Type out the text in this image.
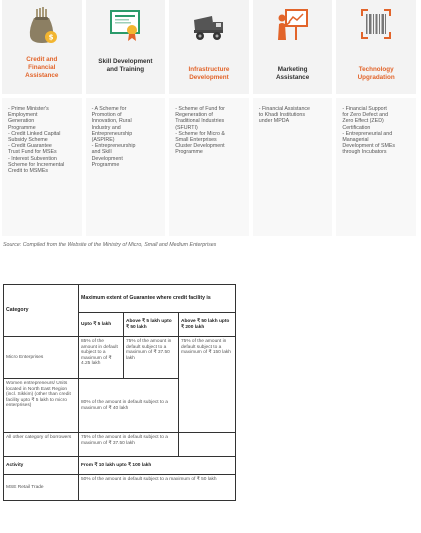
$
Credit and
Financial
Assistance
- Prime Minister's
Employment
Generation
Programme
- Credit Linked Capital
Subsidy Scheme
- Credit Guarantee
Trust Fund for MSEs
- Interest Subvention
Scheme for Incremental
Credit to MSMEs
Skill Development
and Training
- A Scheme for
Promotion of
Innovation, Rural
Industry and
Entrepreneurship
(ASPIRE)
- Entrepreneurship
and Skill
Development
Programme
Infrastructure
Development
- Scheme of Fund for
Regeneration of
Traditional Industries
(SFURTI)
- Scheme for Micro &
Small Enterprises
Cluster Development
Programme
Marketing
Assistance
- Financial Assistance
to Khadi Institutions
under MPDA
Technology
Upgradation
- Financial Support
for Zero Defect and
Zero Effect (ZED)
Certification
- Entrepreneurial and
Managerial
Development of SMEs
through Incubators
Source: Compiled from the Website of the Ministry of Micro, Small and Medium Enterprises
Category	Maximum extent of Guarantee where credit facility is		
	Upto ₹ 5 lakh	Above ₹ 5 lakh upto ₹ 50 lakh	Above ₹ 50 lakh upto ₹ 200 lakh
Micro Enterprises	85% of the amount in default subject to a maximum of ₹ 4.25 lakh	75% of the amount in default subject to a maximum of ₹ 37.50 lakh	75% of the amount in default subject to a maximum of ₹ 150 lakh
Women entrepreneurs/ Units located in North East Region (incl. Sikkim) (other than credit facility upto ₹ 5 lakh to micro enterprises)	80% of the amount in default subject to a maximum of ₹ 40 lakh		
All other category of borrowers	75% of the amount in default subject to a maximum of ₹ 37.50 lakh		
Activity	From ₹ 10 lakh upto ₹ 100 lakh		
MSE Retail Trade	50% of the amount in default subject to a maximum of ₹ 50 lakh		
